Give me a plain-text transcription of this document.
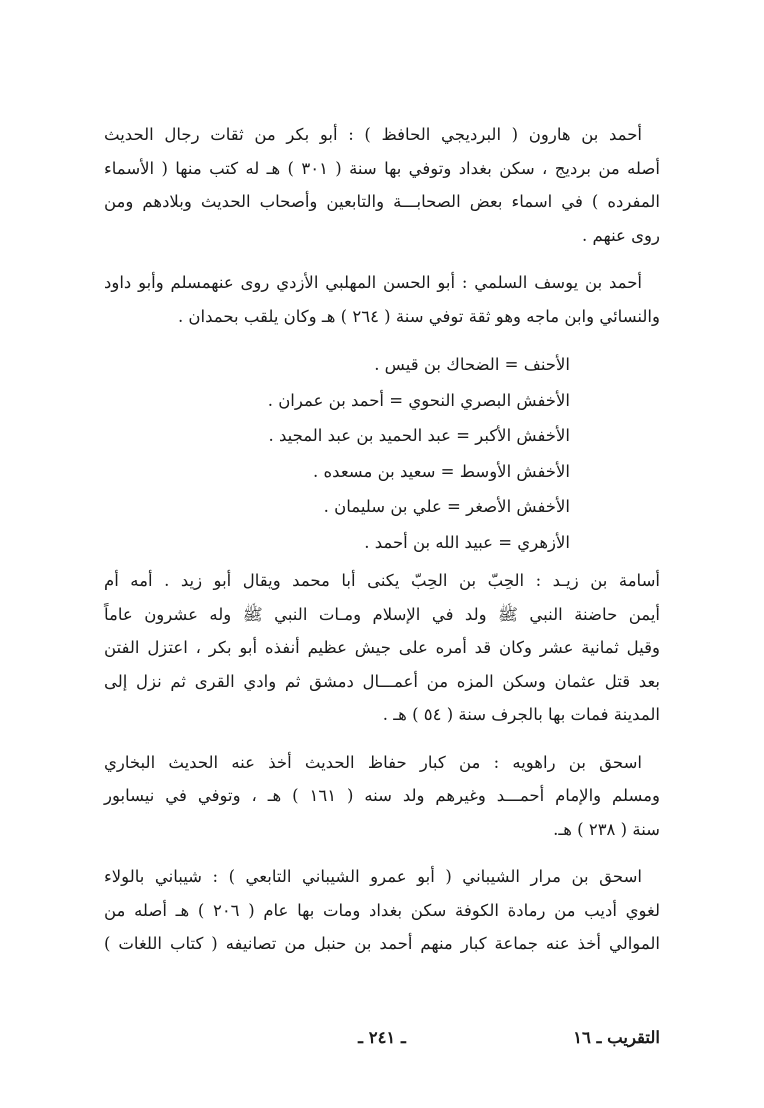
أحمد بن هارون ( البرديجي الحافظ ) : أبو بكر من ثقات رجال الحديث
أصله من برديج ، سكن بغداد وتوفي بها سنة ( ٣٠١ ) هـ له كتب منها ( الأسماء
المفرده ) في اسماء بعض الصحابـــة والتابعين وأصحاب الحديث وبلادهم ومن
روى عنهم .
أحمد بن يوسف السلمي : أبو الحسن المهلبي الأزدي روى عنهمسلم وأبو داود
والنسائي وابن ماجه وهو ثقة توفي سنة ( ٢٦٤ ) هـ وكان يلقب بحمدان .
الأحنف = الضحاك بن قيس .
الأخفش البصري النحوي = أحمد بن عمران .
الأخفش الأكبر = عبد الحميد بن عبد المجيد .
الأخفش الأوسط = سعيد بن مسعده .
الأخفش الأصغر = علي بن سليمان .
الأزهري = عبيد الله بن أحمد .
أسامة بن زيـد : الحِبّ بن الحِبّ يكنى أبا محمد ويقال أبو زيد . أمه أم
أيمن حاضنة النبي ﷺ ولد في الإسلام ومـات النبي ﷺ وله عشرون عاماً
وقيل ثمانية عشر وكان قد أمره على جيش عظيم أنفذه أبو بكر ، اعتزل الفتن
بعد قتل عثمان وسكن المزه من أعمـــال دمشق ثم وادي القرى ثم نزل إلى
المدينة فمات بها بالجرف سنة ( ٥٤ ) هـ .
اسحق بن راهويه : من كبار حفاظ الحديث أخذ عنه الحديث البخاري
ومسلم والإمام أحمـــد وغيرهم ولد سنه ( ١٦١ ) هـ ، وتوفي في نيسابور
سنة ( ٢٣٨ ) هـ.
اسحق بن مرار الشيباني ( أبو عمرو الشيباني التابعي ) : شيباني بالولاء
لغوي أديب من رمادة الكوفة سكن بغداد ومات بها عام ( ٢٠٦ ) هـ أصله من
الموالي أخذ عنه جماعة كبار منهم أحمد بن حنبل من تصانيفه ( كتاب اللغات )
التقريب ـ ١٦
ـ ٢٤١ ـ
